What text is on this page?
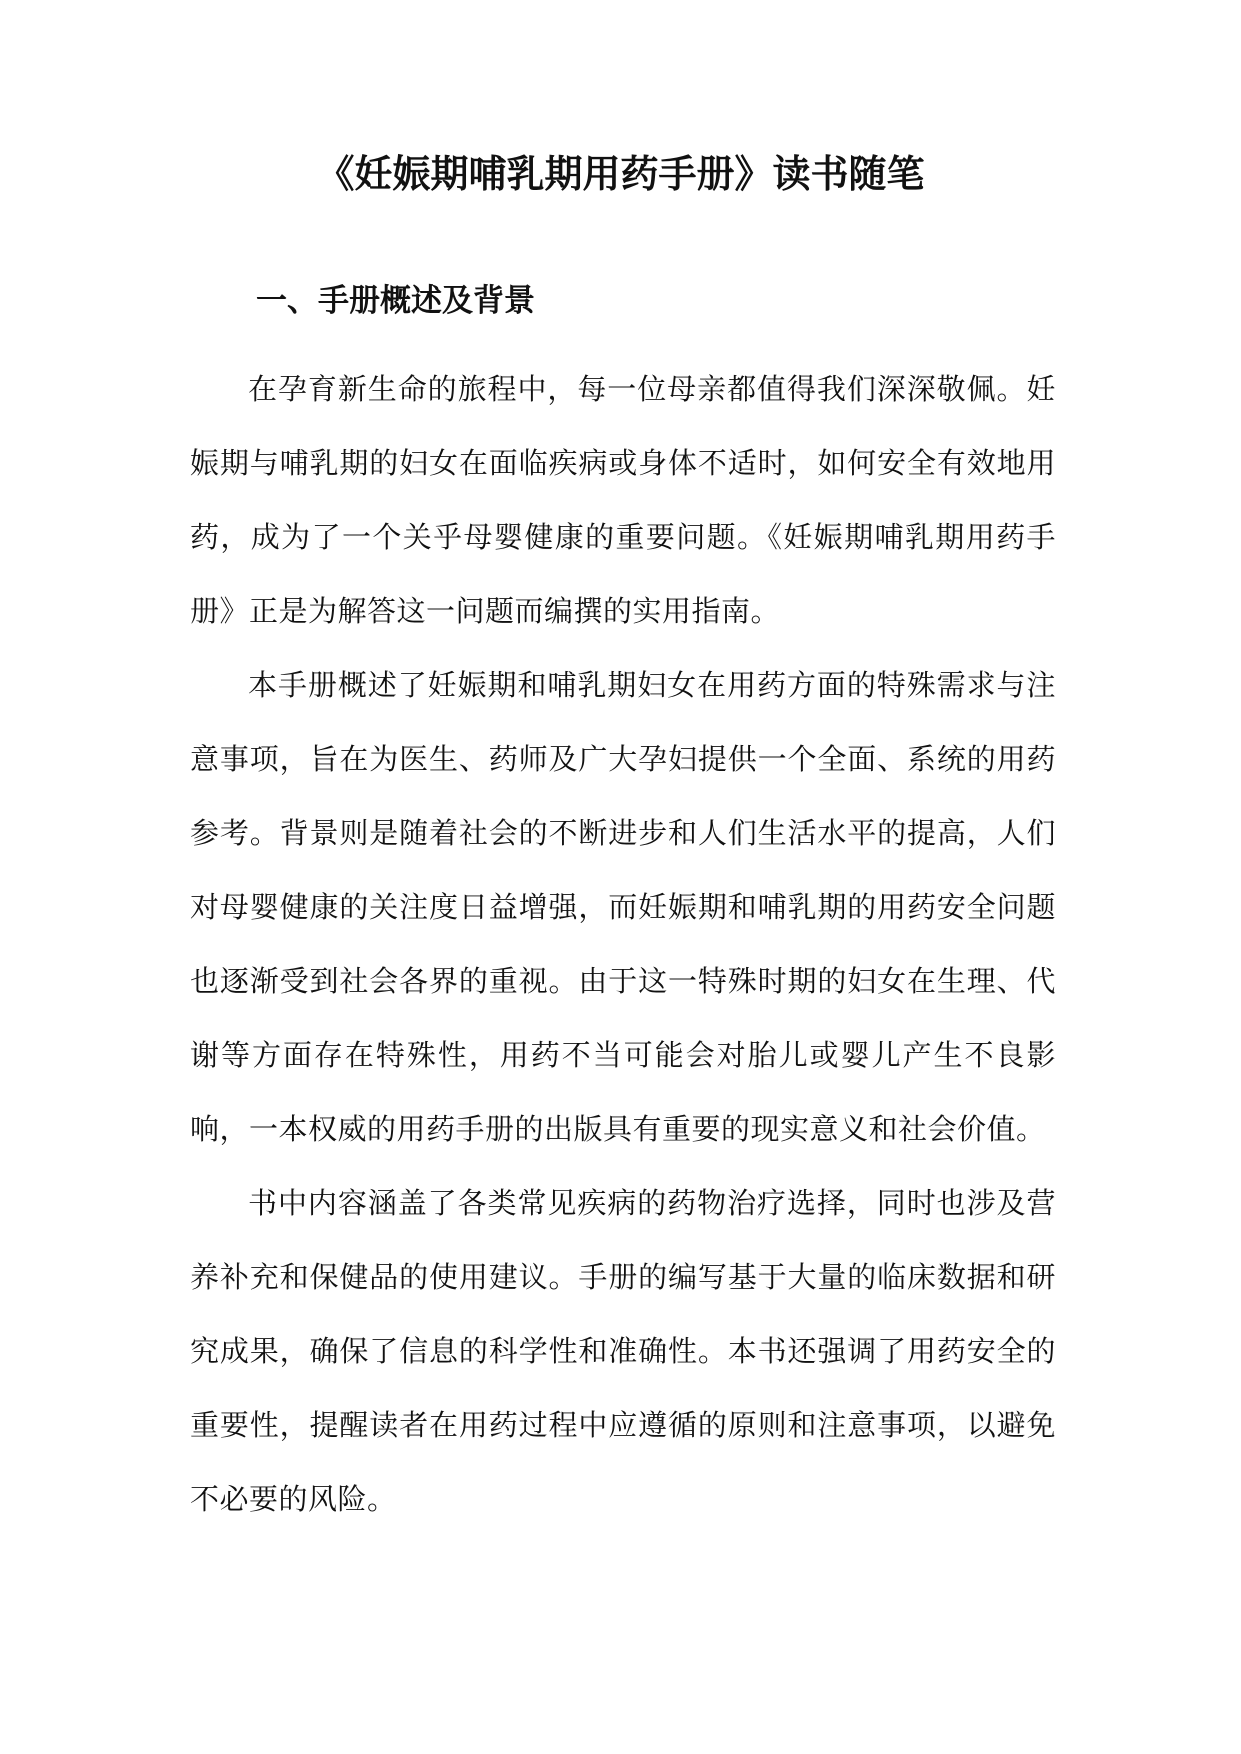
《妊娠期哺乳期用药手册》读书随笔
一、手册概述及背景

在孕育新生命的旅程中，每一位母亲都值得我们深深敬佩。妊娠期与哺乳期的妇女在面临疾病或身体不适时，如何安全有效地用药，成为了一个关乎母婴健康的重要问题。《妊娠期哺乳期用药手册》正是为解答这一问题而编撰的实用指南。

本手册概述了妊娠期和哺乳期妇女在用药方面的特殊需求与注意事项，旨在为医生、药师及广大孕妇提供一个全面、系统的用药参考。背景则是随着社会的不断进步和人们生活水平的提高，人们对母婴健康的关注度日益增强，而妊娠期和哺乳期的用药安全问题也逐渐受到社会各界的重视。由于这一特殊时期的妇女在生理、代谢等方面存在特殊性，用药不当可能会对胎儿或婴儿产生不良影响，一本权威的用药手册的出版具有重要的现实意义和社会价值。

书中内容涵盖了各类常见疾病的药物治疗选择，同时也涉及营养补充和保健品的使用建议。手册的编写基于大量的临床数据和研究成果，确保了信息的科学性和准确性。本书还强调了用药安全的重要性，提醒读者在用药过程中应遵循的原则和注意事项，以避免不必要的风险。
